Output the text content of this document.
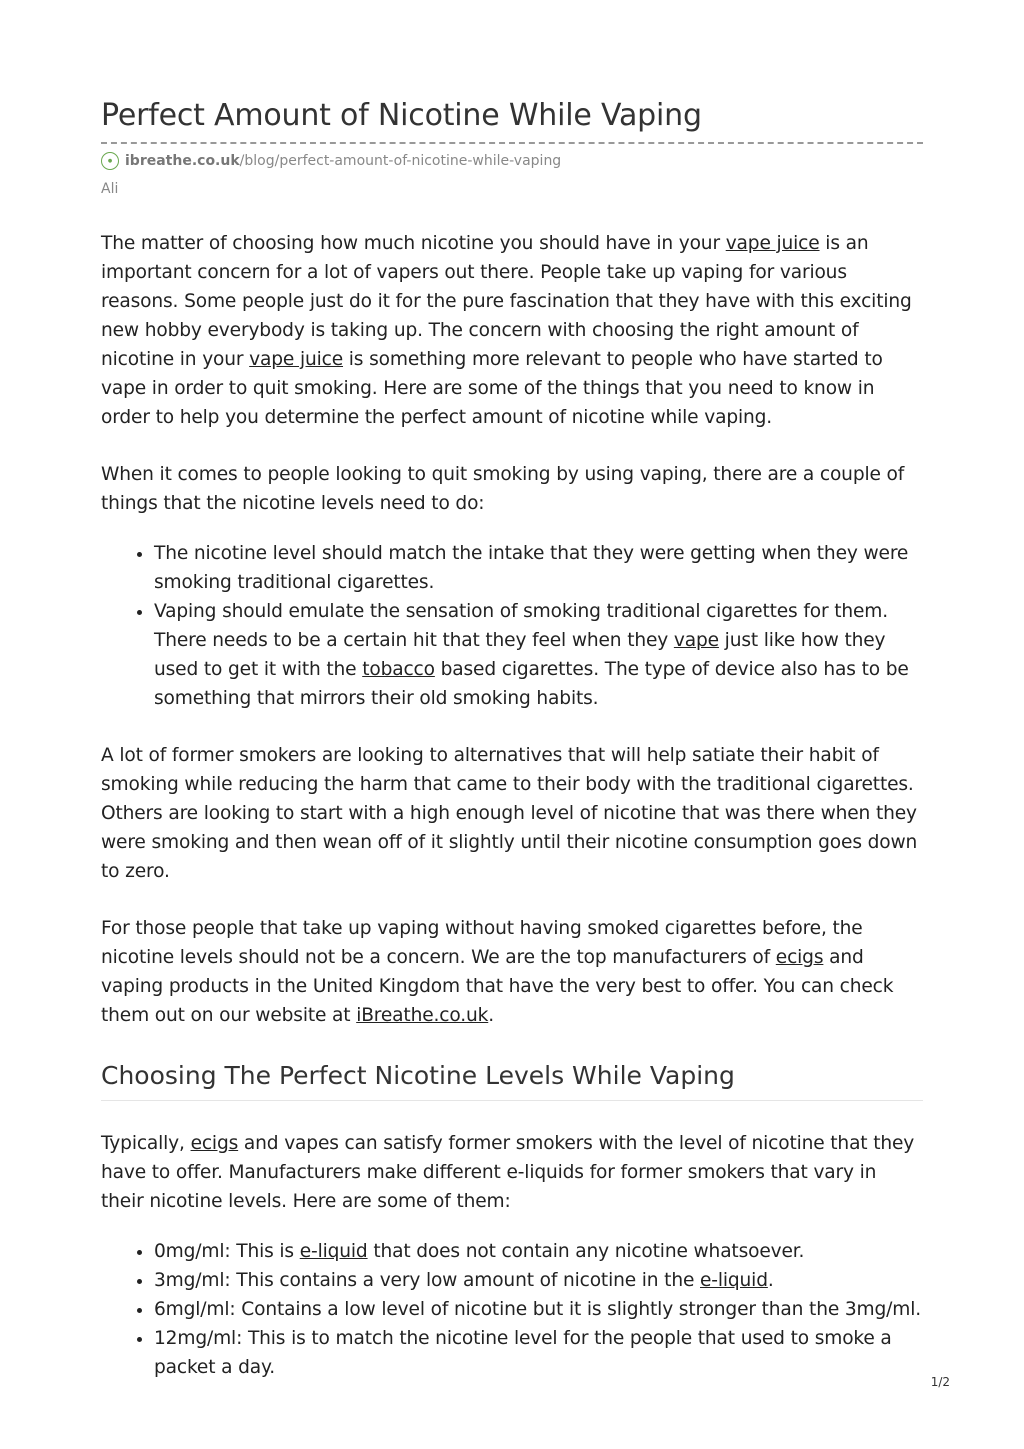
Perfect Amount of Nicotine While Vaping
● ibreathe.co.uk /blog/perfect-amount-of-nicotine-while-vaping
Ali

The matter of choosing how much nicotine you should have in your vape juice is an important concern for a lot of vapers out there. People take up vaping for various reasons. Some people just do it for the pure fascination that they have with this exciting new hobby everybody is taking up. The concern with choosing the right amount of nicotine in your vape juice is something more relevant to people who have started to vape in order to quit smoking. Here are some of the things that you need to know in order to help you determine the perfect amount of nicotine while vaping.

When it comes to people looking to quit smoking by using vaping, there are a couple of things that the nicotine levels need to do:

• The nicotine level should match the intake that they were getting when they were smoking traditional cigarettes.
• Vaping should emulate the sensation of smoking traditional cigarettes for them. There needs to be a certain hit that they feel when they vape just like how they used to get it with the tobacco based cigarettes. The type of device also has to be something that mirrors their old smoking habits.

A lot of former smokers are looking to alternatives that will help satiate their habit of smoking while reducing the harm that came to their body with the traditional cigarettes. Others are looking to start with a high enough level of nicotine that was there when they were smoking and then wean off of it slightly until their nicotine consumption goes down to zero.

For those people that take up vaping without having smoked cigarettes before, the nicotine levels should not be a concern. We are the top manufacturers of ecigs and vaping products in the United Kingdom that have the very best to offer. You can check them out on our website at iBreathe.co.uk.

Choosing The Perfect Nicotine Levels While Vaping

Typically, ecigs and vapes can satisfy former smokers with the level of nicotine that they have to offer. Manufacturers make different e-liquids for former smokers that vary in their nicotine levels. Here are some of them:

• 0mg/ml: This is e-liquid that does not contain any nicotine whatsoever.
• 3mg/ml: This contains a very low amount of nicotine in the e-liquid.
• 6mgl/ml: Contains a low level of nicotine but it is slightly stronger than the 3mg/ml.
• 12mg/ml: This is to match the nicotine level for the people that used to smoke a packet a day.
1/2
